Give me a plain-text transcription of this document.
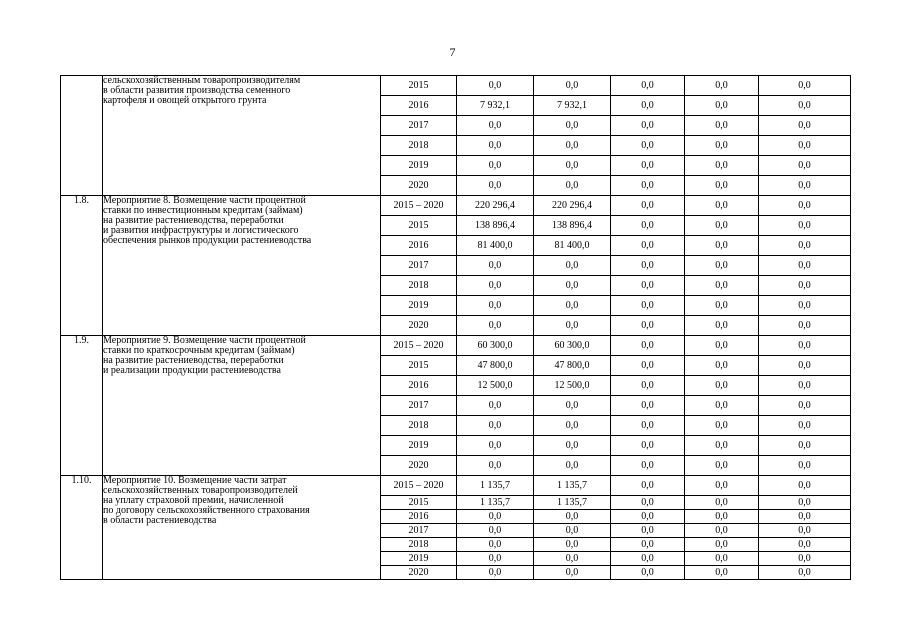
7

	сельскохозяйственным товаропроизводителям
в области развития производства семенного
картофеля и овощей открытого грунта	2015	0,0	0,0	0,0	0,0	0,0
		2016	7 932,1	7 932,1	0,0	0,0	0,0
		2017	0,0	0,0	0,0	0,0	0,0
		2018	0,0	0,0	0,0	0,0	0,0
		2019	0,0	0,0	0,0	0,0	0,0
		2020	0,0	0,0	0,0	0,0	0,0
1.8.	Мероприятие 8. Возмещение части процентной
ставки по инвестиционным кредитам (займам)
на развитие растениеводства, переработки
и развития инфраструктуры и логистического
обеспечения рынков продукции растениеводства	2015 – 2020	220 296,4	220 296,4	0,0	0,0	0,0
		2015	138 896,4	138 896,4	0,0	0,0	0,0
		2016	81 400,0	81 400,0	0,0	0,0	0,0
		2017	0,0	0,0	0,0	0,0	0,0
		2018	0,0	0,0	0,0	0,0	0,0
		2019	0,0	0,0	0,0	0,0	0,0
		2020	0,0	0,0	0,0	0,0	0,0
1.9.	Мероприятие 9. Возмещение части процентной
ставки по краткосрочным кредитам (займам)
на развитие растениеводства, переработки
и реализации продукции растениеводства	2015 – 2020	60 300,0	60 300,0	0,0	0,0	0,0
		2015	47 800,0	47 800,0	0,0	0,0	0,0
		2016	12 500,0	12 500,0	0,0	0,0	0,0
		2017	0,0	0,0	0,0	0,0	0,0
		2018	0,0	0,0	0,0	0,0	0,0
		2019	0,0	0,0	0,0	0,0	0,0
		2020	0,0	0,0	0,0	0,0	0,0
1.10.	Мероприятие 10. Возмещение части затрат
сельскохозяйственных товаропроизводителей
на уплату страховой премии, начисленной
по договору сельскохозяйственного страхования
в области растениеводства	2015 – 2020	1 135,7	1 135,7	0,0	0,0	0,0
		2015	1 135,7	1 135,7	0,0	0,0	0,0
		2016	0,0	0,0	0,0	0,0	0,0
		2017	0,0	0,0	0,0	0,0	0,0
		2018	0,0	0,0	0,0	0,0	0,0
		2019	0,0	0,0	0,0	0,0	0,0
		2020	0,0	0,0	0,0	0,0	0,0
